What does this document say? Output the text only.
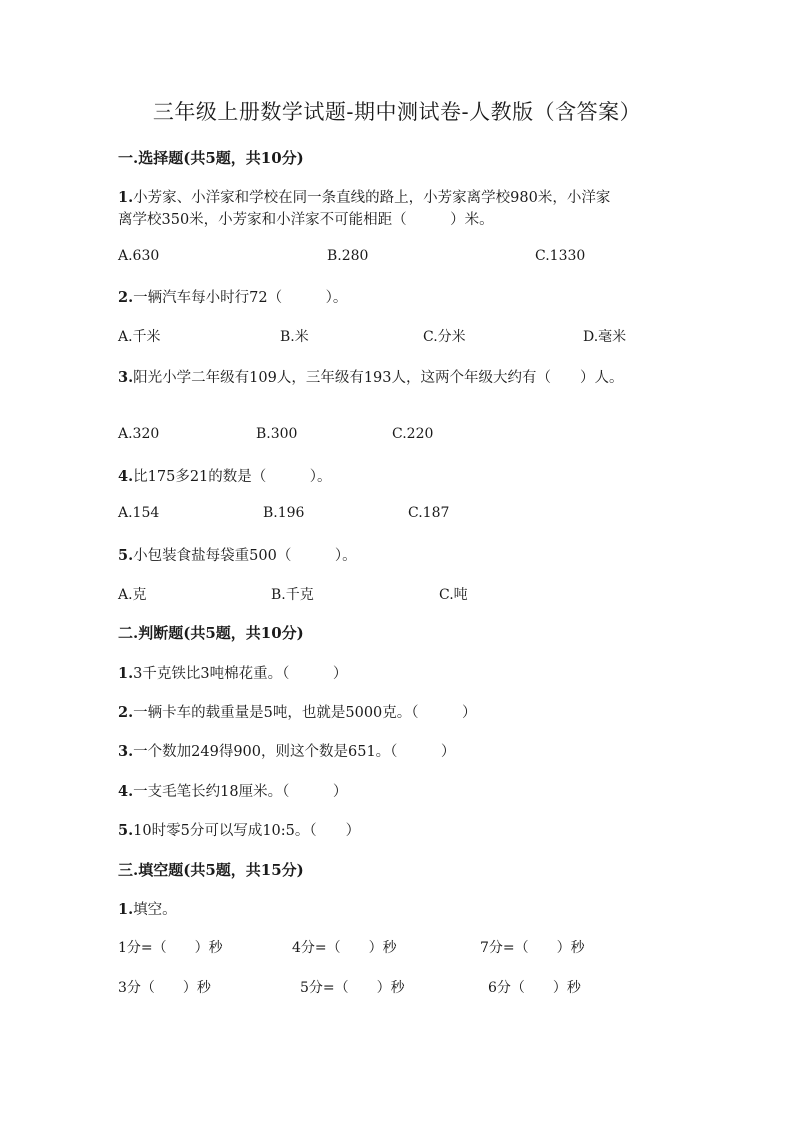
三年级上册数学试题-期中测试卷-人教版（含答案）
一.选择题(共5题，共10分)
1.小芳家、小洋家和学校在同一条直线的路上，小芳家离学校980米，小洋家
离学校350米，小芳家和小洋家不可能相距（　　　）米。
A.630	B.280	C.1330
2.一辆汽车每小时行72（　　　）。
A.千米	B.米	C.分米	D.毫米
3.阳光小学二年级有109人，三年级有193人，这两个年级大约有（　　）人。
A.320	B.300	C.220
4.比175多21的数是（　　　）。
A.154	B.196	C.187
5.小包装食盐每袋重500（　　　）。
A.克	B.千克	C.吨
二.判断题(共5题，共10分)
1.3千克铁比3吨棉花重。（　　　）
2.一辆卡车的载重量是5吨，也就是5000克。（　　　）
3.一个数加249得900，则这个数是651。（　　　）
4.一支毛笔长约18厘米。（　　　）
5.10时零5分可以写成10:5。（　　）
三.填空题(共5题，共15分)
1.填空。
1分=（　　）秒	4分=（　　）秒	7分=（　　）秒
3分（　　）秒	5分=（　　）秒	6分（　　）秒
